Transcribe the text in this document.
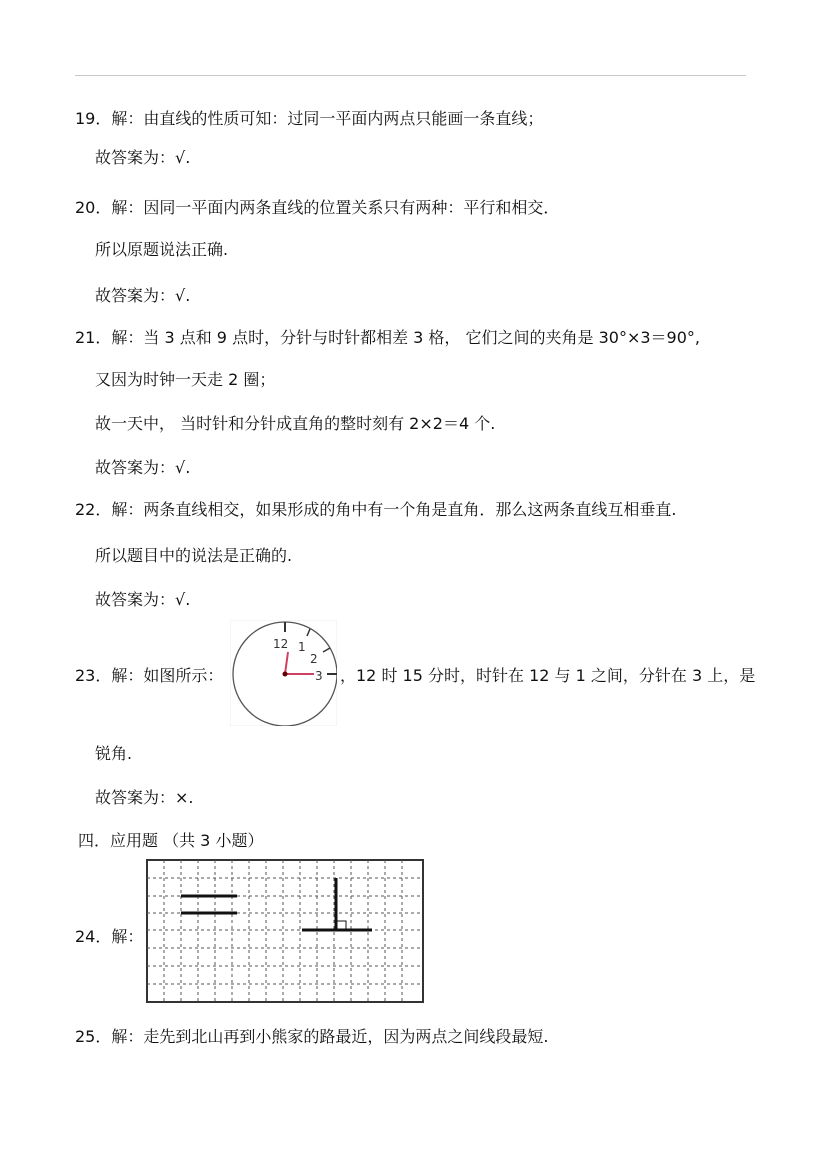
19．解：由直线的性质可知：过同一平面内两点只能画一条直线；
故答案为：√.
20．解：因同一平面内两条直线的位置关系只有两种：平行和相交．
所以原题说法正确.
故答案为：√.
21．解：当 3 点和 9 点时，分针与时针都相差 3 格， 它们之间的夹角是 30°×3＝90°,
又因为时钟一天走 2 圈；
故一天中， 当时针和分针成直角的整时刻有 2×2＝4 个.
故答案为：√.
22．解：两条直线相交，如果形成的角中有一个角是直角．那么这两条直线互相垂直.
所以题目中的说法是正确的.
故答案为：√.
23．解：如图所示：
12 1
2
3 ，12 时 15 分时，时针在 12 与 1 之间，分针在 3 上，是
锐角.
故答案为：×.
四．应用题 （共 3 小题）
24．解：
25．解：走先到北山再到小熊家的路最近，因为两点之间线段最短.
